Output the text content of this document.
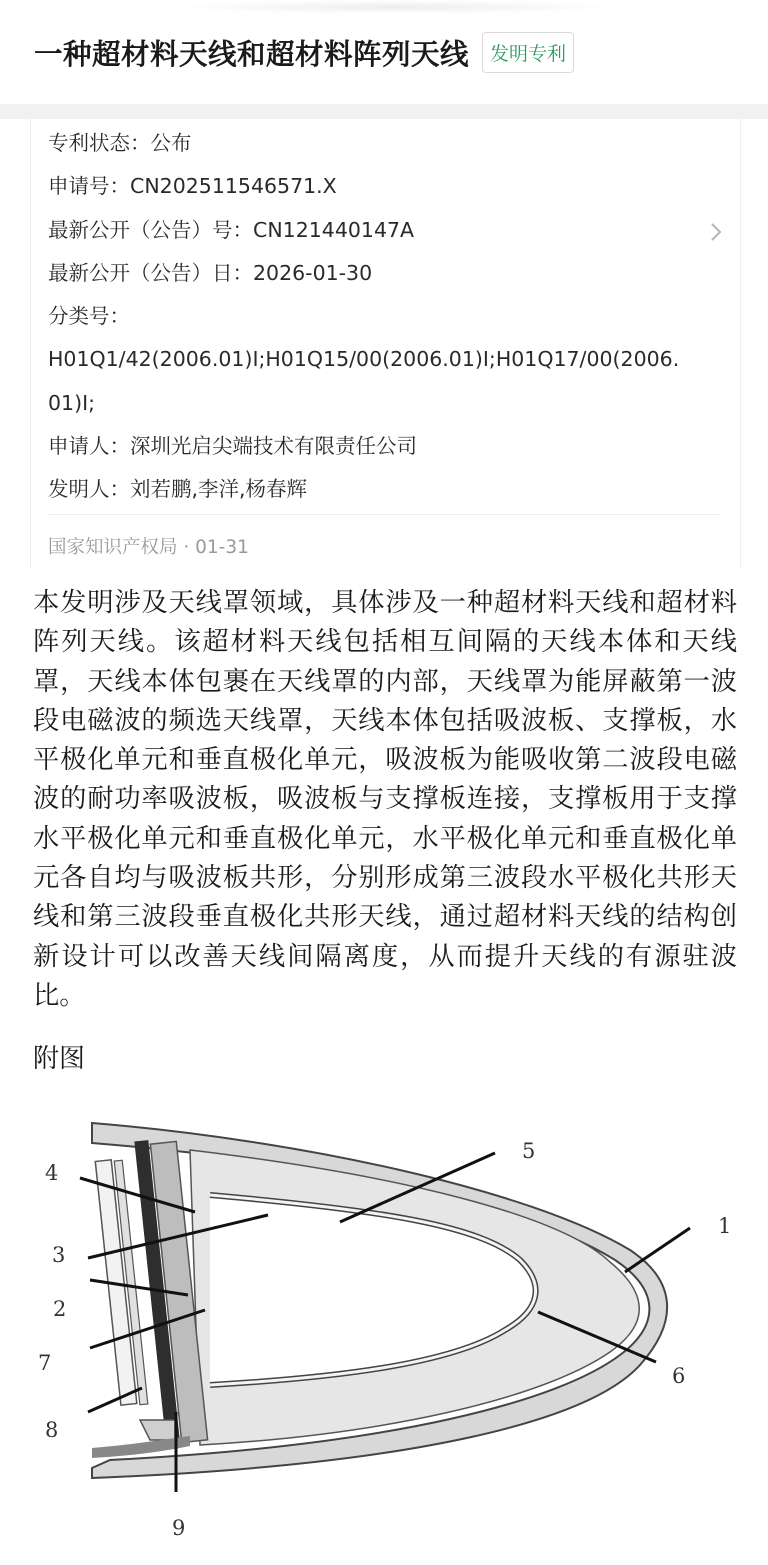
一种超材料天线和超材料阵列天线	发明专利
专利状态：公布
申请号：CN202511546571.X
最新公开（公告）号：CN121440147A
最新公开（公告）日：2026-01-30
分类号：
H01Q1/42(2006.01)I;H01Q15/00(2006.01)I;H01Q17/00(2006.01)I;
申请人：深圳光启尖端技术有限责任公司
发明人：刘若鹏,李洋,杨春辉
国家知识产权局 · 01-31
本发明涉及天线罩领域，具体涉及一种超材料天线和超材料阵列天线。该超材料天线包括相互间隔的天线本体和天线罩，天线本体包裹在天线罩的内部，天线罩为能屏蔽第一波段电磁波的频选天线罩，天线本体包括吸波板、支撑板，水平极化单元和垂直极化单元，吸波板为能吸收第二波段电磁波的耐功率吸波板，吸波板与支撑板连接，支撑板用于支撑水平极化单元和垂直极化单元，水平极化单元和垂直极化单元各自均与吸波板共形，分别形成第三波段水平极化共形天线和第三波段垂直极化共形天线，通过超材料天线的结构创新设计可以改善天线间隔离度，从而提升天线的有源驻波比。
附图
4
3
2
7
8
9
5
1
6
